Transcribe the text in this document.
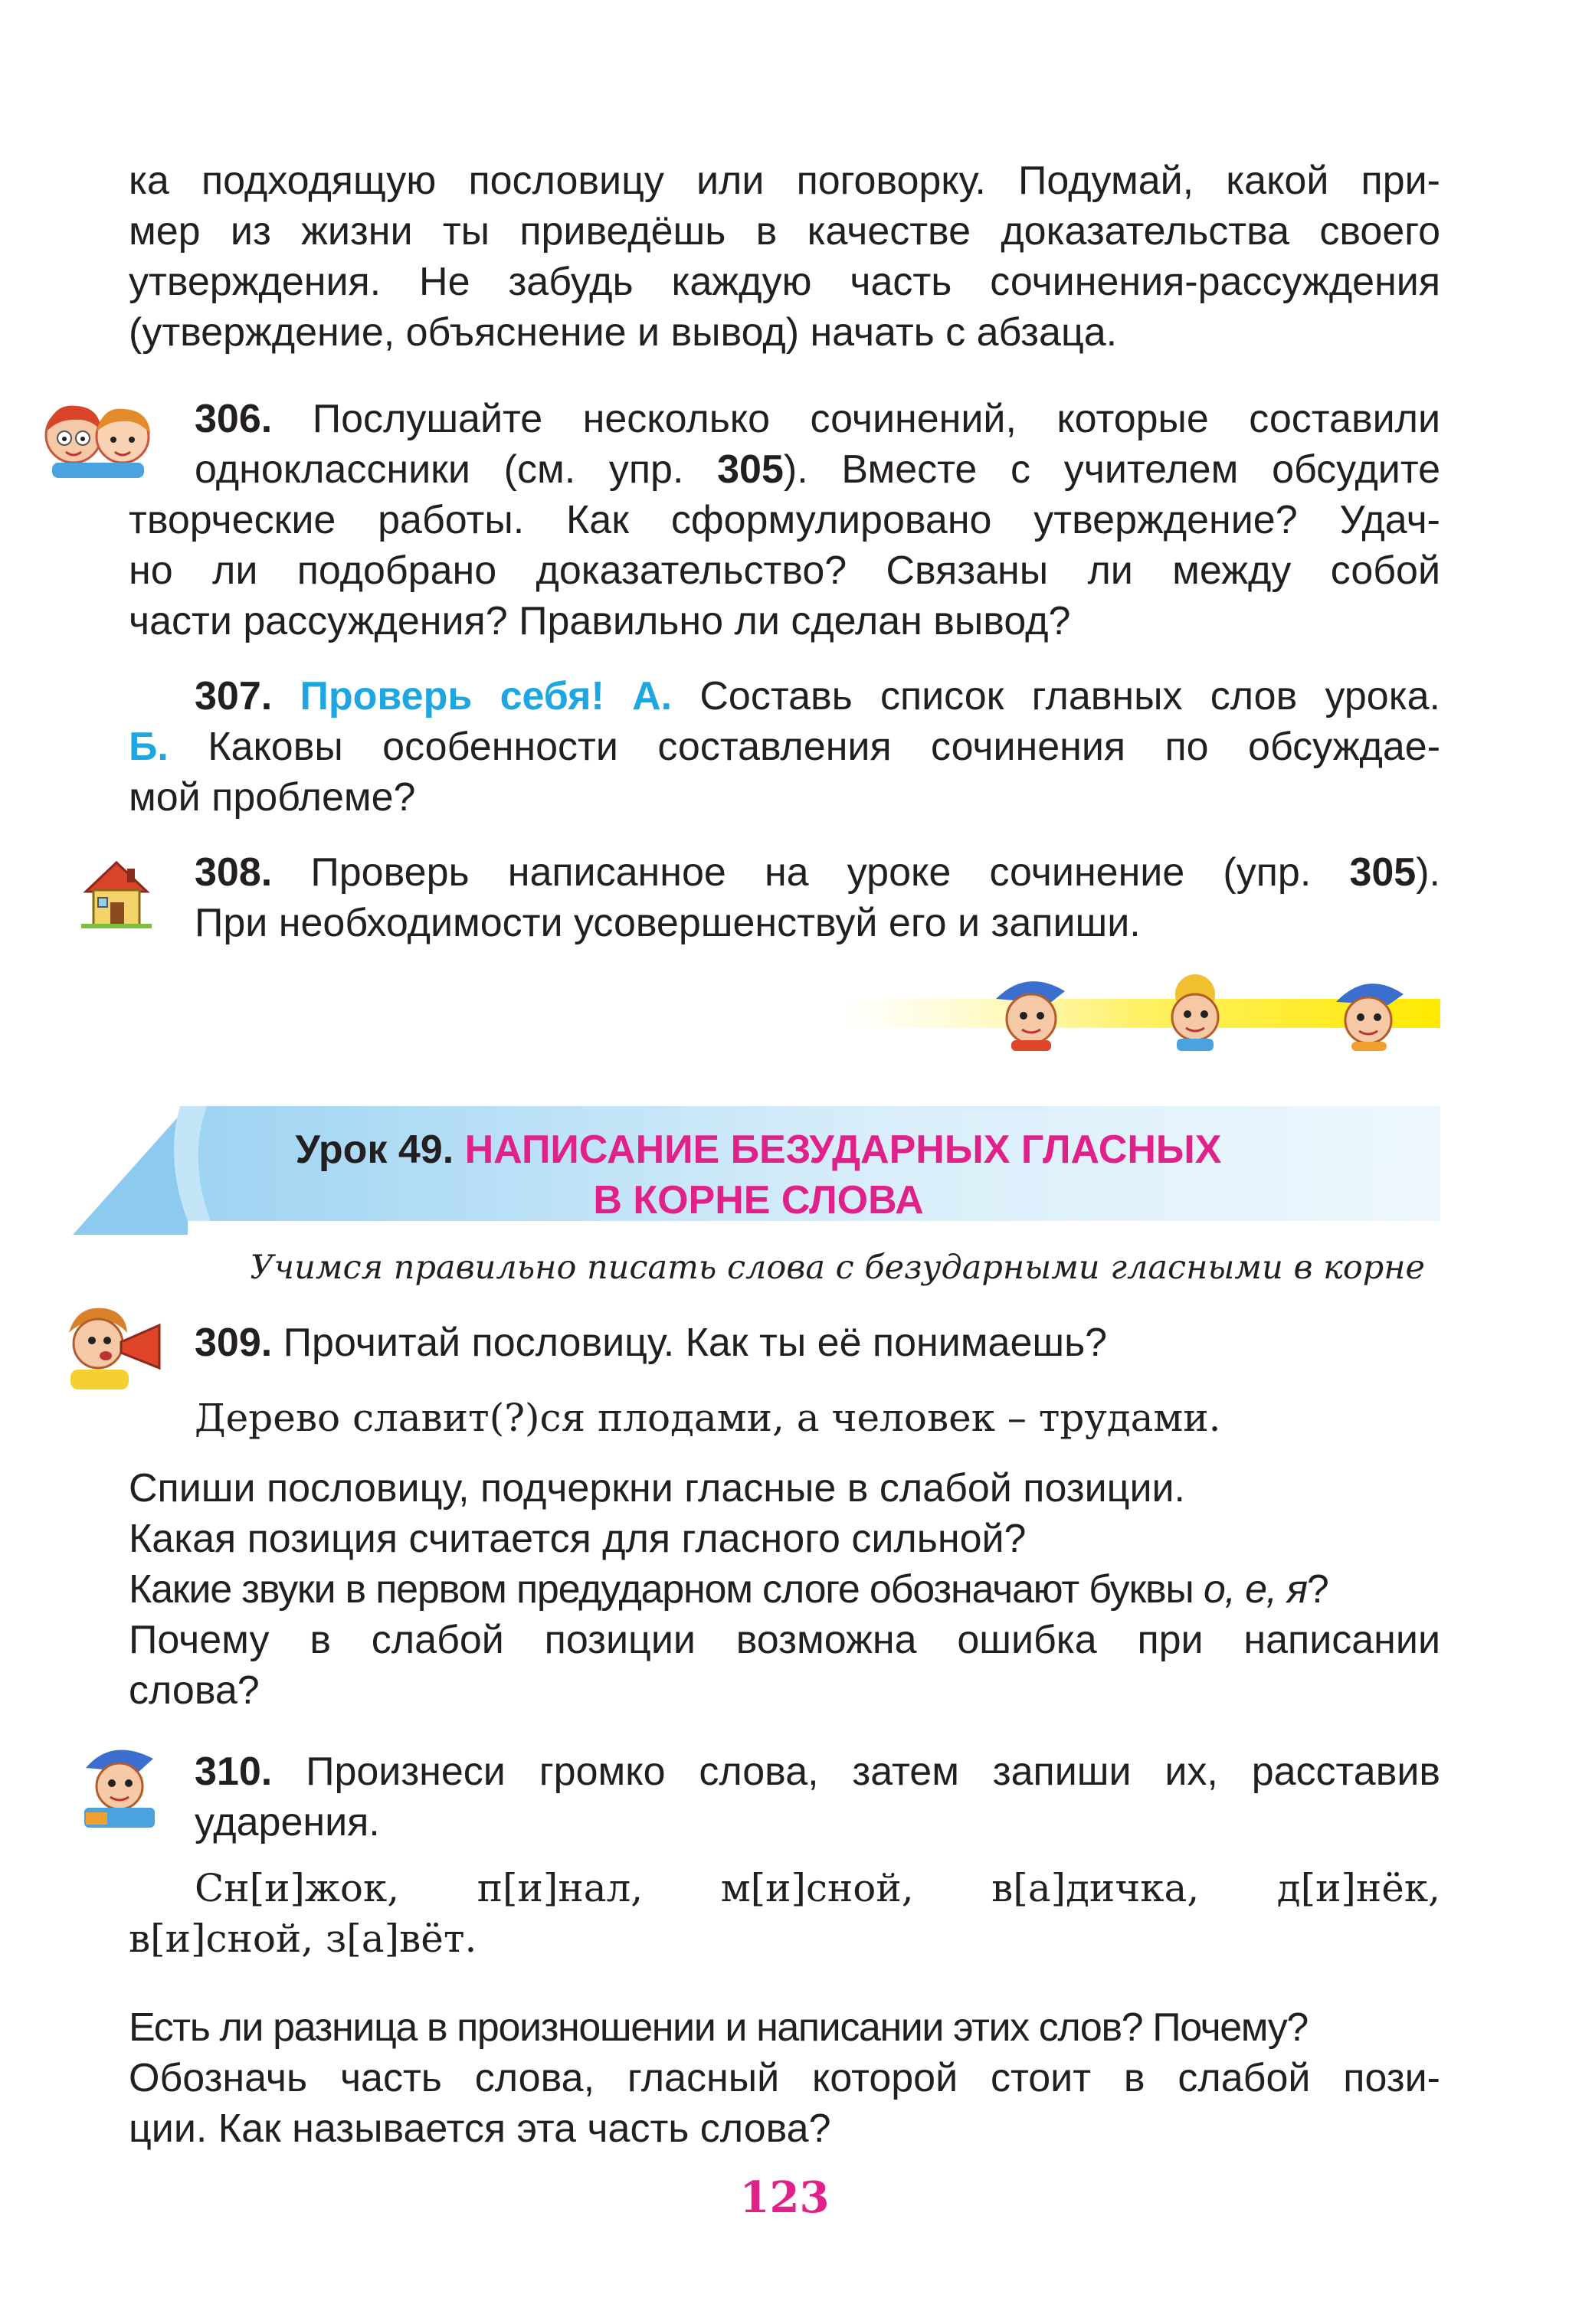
ка подходящую пословицу или поговорку. Подумай, какой при-
мер из жизни ты приведёшь в качестве доказательства своего
утверждения. Не забудь каждую часть сочинения-рассуждения
(утверждение, объяснение и вывод) начать с абзаца.
306. Послушайте несколько сочинений, которые составили
одноклассники (см. упр. 305). Вместе с учителем обсудите
творческие работы. Как сформулировано утверждение? Удач-
но ли подобрано доказательство? Связаны ли между собой
части рассуждения? Правильно ли сделан вывод?
307. Проверь себя! А. Составь список главных слов урока.
Б. Каковы особенности составления сочинения по обсуждае-
мой проблеме?
308. Проверь написанное на уроке сочинение (упр. 305).
При необходимости усовершенствуй его и запиши.
Урок 49. НАПИСАНИЕ БЕЗУДАРНЫХ ГЛАСНЫХ
В КОРНЕ СЛОВА
Учимся правильно писать слова с безударными гласными в корне
309. Прочитай пословицу. Как ты её понимаешь?
Дерево славит(?)ся плодами, а человек – трудами.
Спиши пословицу, подчеркни гласные в слабой позиции.
Какая позиция считается для гласного сильной?
Какие звуки в первом предударном слоге обозначают буквы о, е, я?
Почему в слабой позиции возможна ошибка при написании
слова?
310. Произнеси громко слова, затем запиши их, расставив
ударения.
Сн[и]жок, п[и]нал, м[и]сной, в[а]дичка, д[и]нёк,
в[и]сной, з[а]вёт.
Есть ли разница в произношении и написании этих слов? Почему?
Обозначь часть слова, гласный которой стоит в слабой пози-
ции. Как называется эта часть слова?
123
